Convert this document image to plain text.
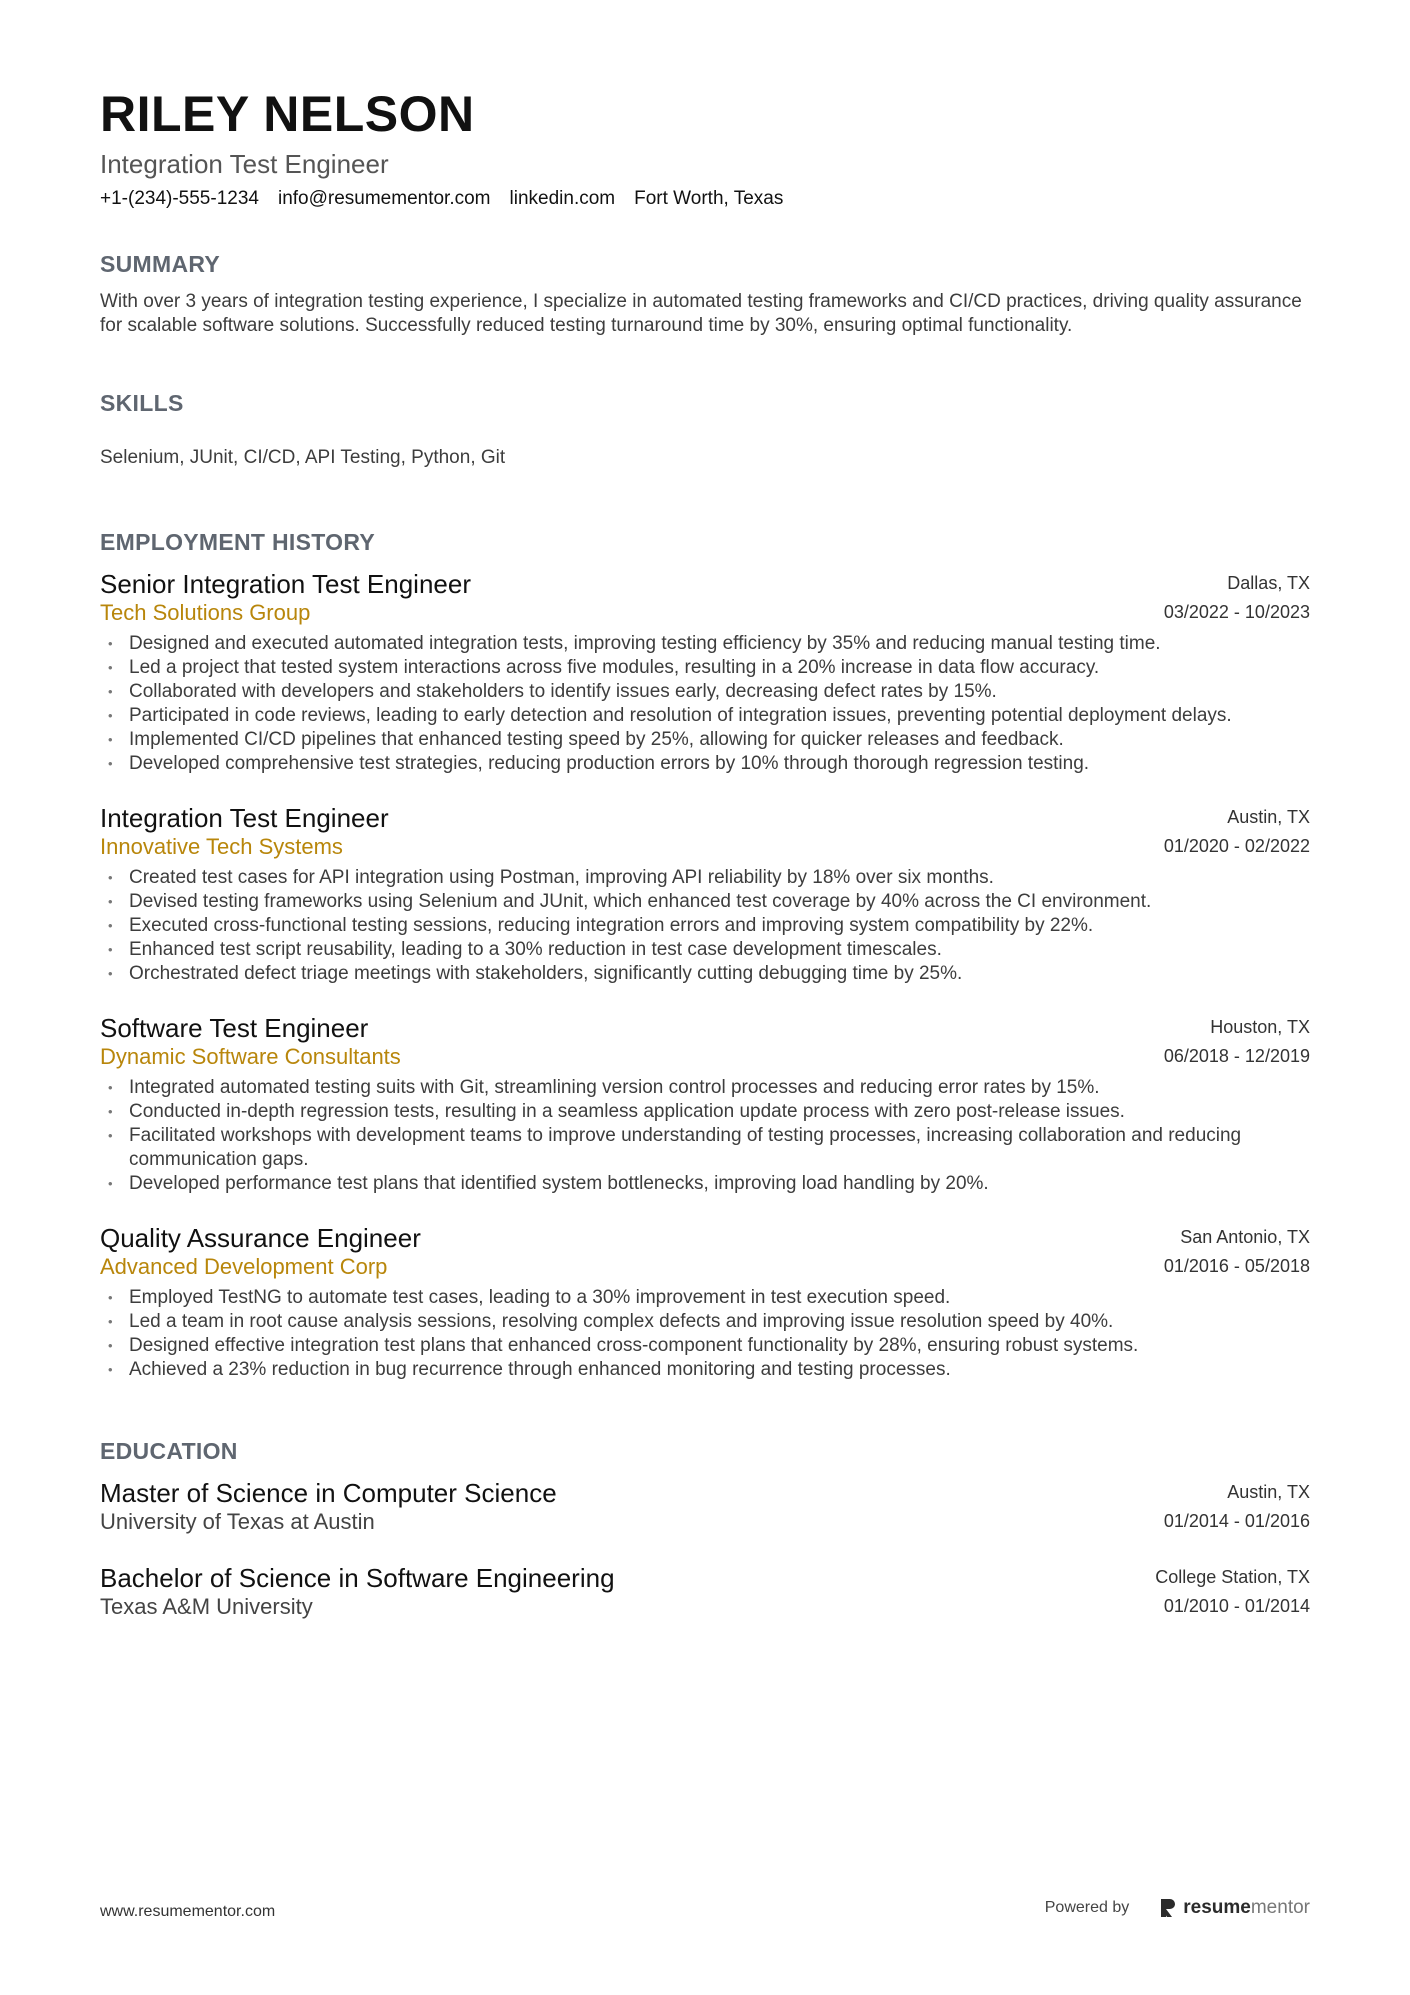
RILEY NELSON
Integration Test Engineer
+1-(234)-555-1234 info@resumementor.com linkedin.com Fort Worth, Texas
SUMMARY
With over 3 years of integration testing experience, I specialize in automated testing frameworks and CI/CD practices, driving quality assurance for scalable software solutions. Successfully reduced testing turnaround time by 30%, ensuring optimal functionality.
SKILLS
Selenium, JUnit, CI/CD, API Testing, Python, Git
EMPLOYMENT HISTORY
Senior Integration Test Engineer
Tech Solutions Group
Dallas, TX
03/2022 - 10/2023
• Designed and executed automated integration tests, improving testing efficiency by 35% and reducing manual testing time.
• Led a project that tested system interactions across five modules, resulting in a 20% increase in data flow accuracy.
• Collaborated with developers and stakeholders to identify issues early, decreasing defect rates by 15%.
• Participated in code reviews, leading to early detection and resolution of integration issues, preventing potential deployment delays.
• Implemented CI/CD pipelines that enhanced testing speed by 25%, allowing for quicker releases and feedback.
• Developed comprehensive test strategies, reducing production errors by 10% through thorough regression testing.
Integration Test Engineer
Innovative Tech Systems
Austin, TX
01/2020 - 02/2022
• Created test cases for API integration using Postman, improving API reliability by 18% over six months.
• Devised testing frameworks using Selenium and JUnit, which enhanced test coverage by 40% across the CI environment.
• Executed cross-functional testing sessions, reducing integration errors and improving system compatibility by 22%.
• Enhanced test script reusability, leading to a 30% reduction in test case development timescales.
• Orchestrated defect triage meetings with stakeholders, significantly cutting debugging time by 25%.
Software Test Engineer
Dynamic Software Consultants
Houston, TX
06/2018 - 12/2019
• Integrated automated testing suits with Git, streamlining version control processes and reducing error rates by 15%.
• Conducted in-depth regression tests, resulting in a seamless application update process with zero post-release issues.
• Facilitated workshops with development teams to improve understanding of testing processes, increasing collaboration and reducing communication gaps.
• Developed performance test plans that identified system bottlenecks, improving load handling by 20%.
Quality Assurance Engineer
Advanced Development Corp
San Antonio, TX
01/2016 - 05/2018
• Employed TestNG to automate test cases, leading to a 30% improvement in test execution speed.
• Led a team in root cause analysis sessions, resolving complex defects and improving issue resolution speed by 40%.
• Designed effective integration test plans that enhanced cross-component functionality by 28%, ensuring robust systems.
• Achieved a 23% reduction in bug recurrence through enhanced monitoring and testing processes.
EDUCATION
Master of Science in Computer Science
University of Texas at Austin
Austin, TX
01/2014 - 01/2016
Bachelor of Science in Software Engineering
Texas A&M University
College Station, TX
01/2010 - 01/2014
www.resumementor.com	Powered by	resume mentor
